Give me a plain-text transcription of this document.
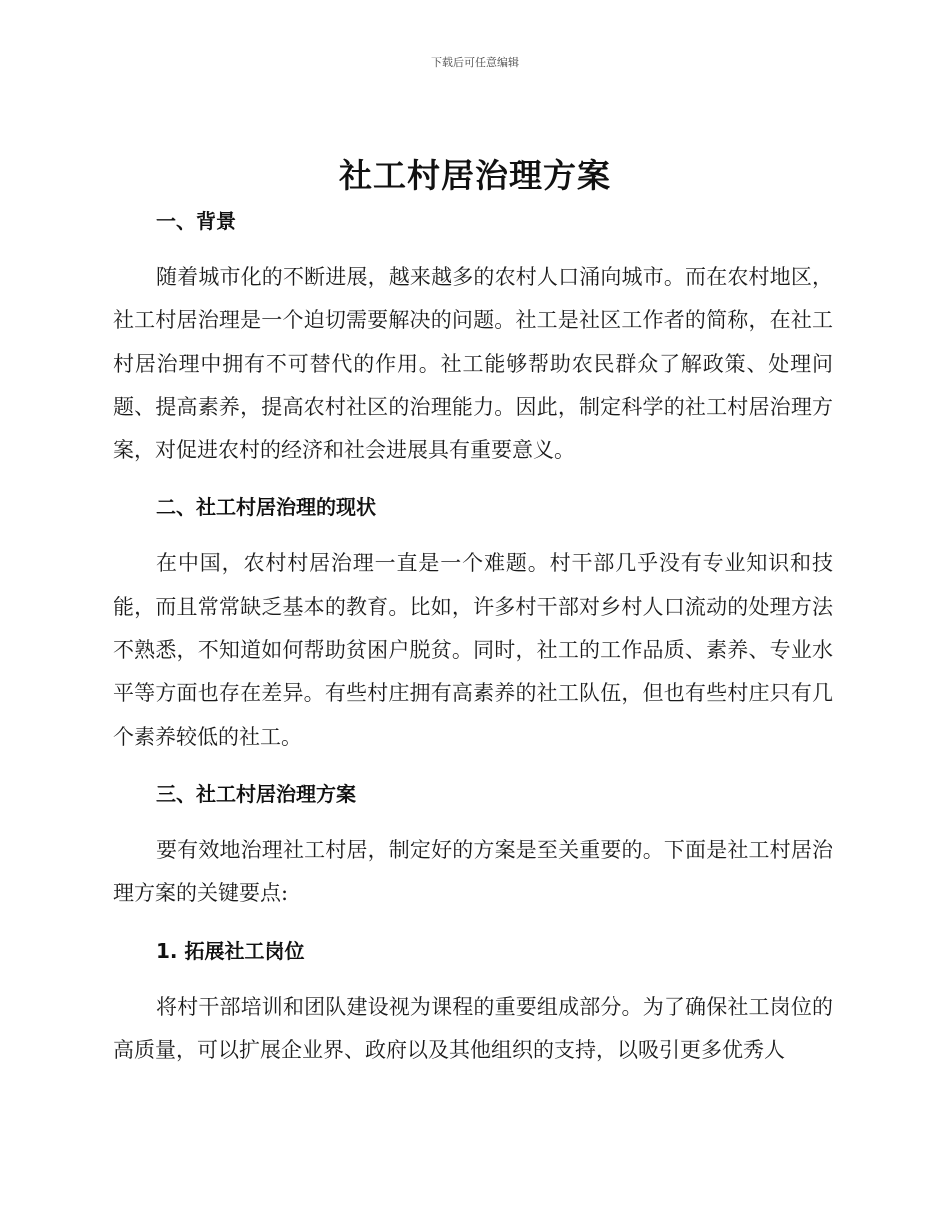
下载后可任意编辑
社工村居治理方案
一、背景

随着城市化的不断进展，越来越多的农村人口涌向城市。而在农村地区，社工村居治理是一个迫切需要解决的问题。社工是社区工作者的简称，在社工村居治理中拥有不可替代的作用。社工能够帮助农民群众了解政策、处理问题、提高素养，提高农村社区的治理能力。因此，制定科学的社工村居治理方案，对促进农村的经济和社会进展具有重要意义。

二、社工村居治理的现状

在中国，农村村居治理一直是一个难题。村干部几乎没有专业知识和技能，而且常常缺乏基本的教育。比如，许多村干部对乡村人口流动的处理方法不熟悉，不知道如何帮助贫困户脱贫。同时，社工的工作品质、素养、专业水平等方面也存在差异。有些村庄拥有高素养的社工队伍，但也有些村庄只有几个素养较低的社工。

三、社工村居治理方案

要有效地治理社工村居，制定好的方案是至关重要的。下面是社工村居治理方案的关键要点:

1. 拓展社工岗位

将村干部培训和团队建设视为课程的重要组成部分。为了确保社工岗位的高质量，可以扩展企业界、政府以及其他组织的支持，以吸引更多优秀人
